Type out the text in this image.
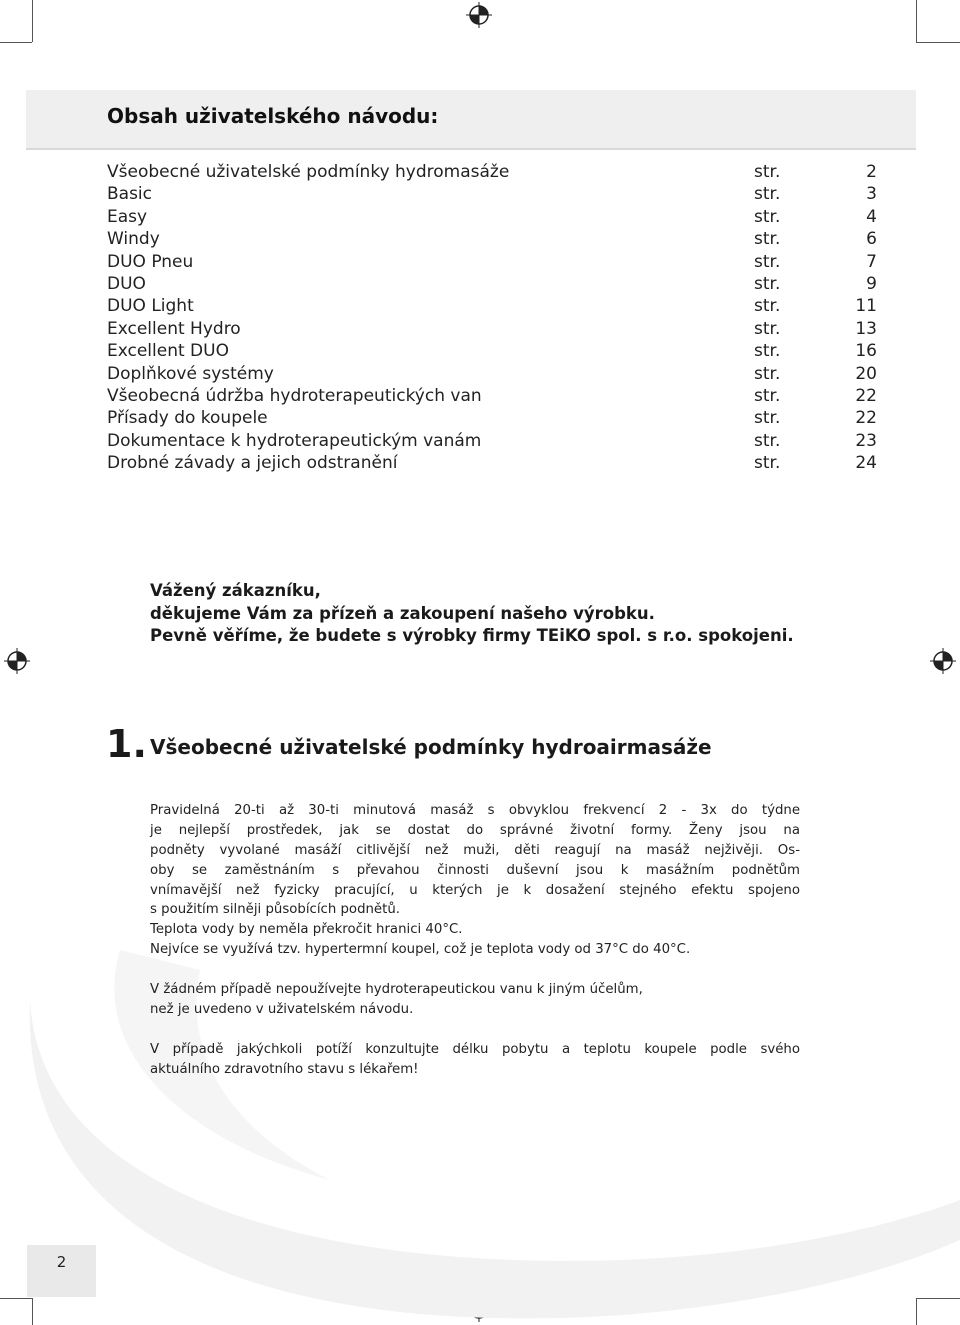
Obsah uživatelského návodu:
Všeobecné uživatelské podmínky hydromasáže	str.	2
Basic	str.	3
Easy	str.	4
Windy	str.	6
DUO Pneu	str.	7
DUO	str.	9
DUO Light	str.	11
Excellent Hydro	str.	13
Excellent DUO	str.	16
Doplňkové systémy	str.	20
Všeobecná údržba hydroterapeutických van	str.	22
Přísady do koupele	str.	22
Dokumentace k hydroterapeutickým vanám	str.	23
Drobné závady a jejich odstranění	str.	24
Vážený zákazníku,
děkujeme Vám za přízeň a zakoupení našeho výrobku.
Pevně věříme, že budete s výrobky firmy TEiKO spol. s r.o. spokojeni.
1. Všeobecné uživatelské podmínky hydroairmasáže
Pravidelná 20-ti až 30-ti minutová masáž s obvyklou frekvencí 2 - 3x do týdne
je nejlepší prostředek, jak se dostat do správné životní formy. Ženy jsou na
podněty vyvolané masáží citlivější než muži, děti reagují na masáž nejživěji. Os-
oby se zaměstnáním s převahou činnosti duševní jsou k masážním podnětům
vnímavější než fyzicky pracující, u kterých je k dosažení stejného efektu spojeno
s použitím silněji působících podnětů.
Teplota vody by neměla překročit hranici 40°C.
Nejvíce se využívá tzv. hypertermní koupel, což je teplota vody od 37°C do 40°C.
V žádném případě nepoužívejte hydroterapeutickou vanu k jiným účelům,
než je uvedeno v uživatelském návodu.
V případě jakýchkoli potíží konzultujte délku pobytu a teplotu koupele podle svého
aktuálního zdravotního stavu s lékařem!
2
